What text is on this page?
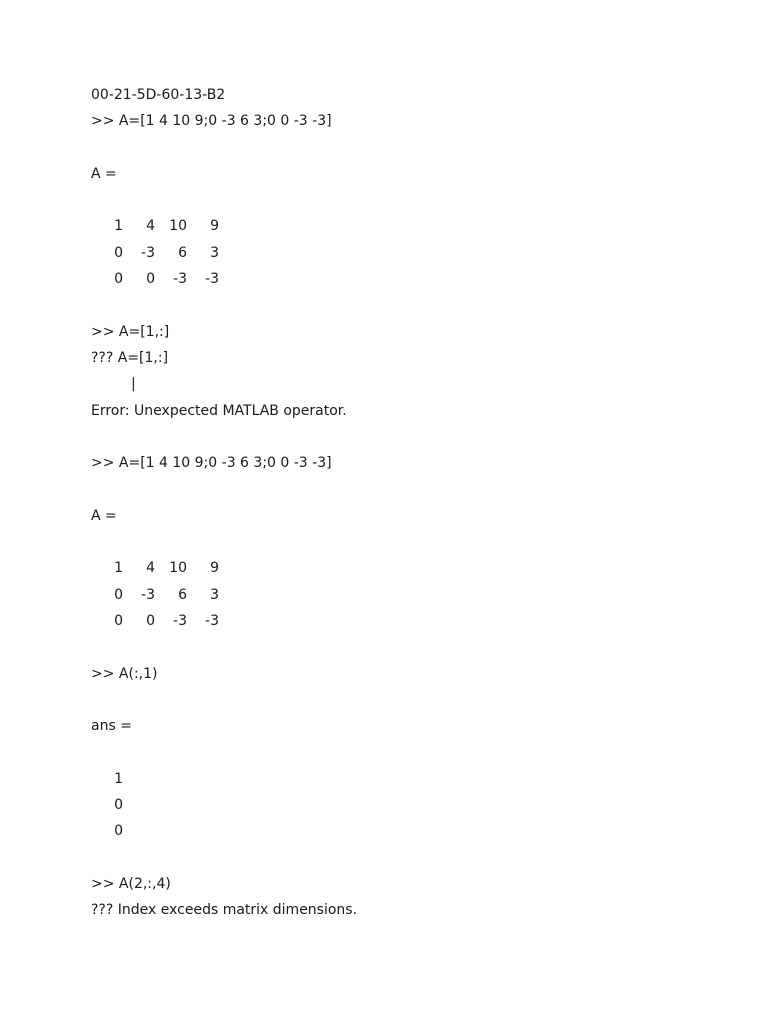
00-21-5D-60-13-B2
>> A=[1 4 10 9;0 -3 6 3;0 0 -3 -3]
A =
1	4	10	9
0	-3	6	3
0	0	-3	-3
>> A=[1,:]
??? A=[1,:]
|
Error: Unexpected MATLAB operator.
>> A=[1 4 10 9;0 -3 6 3;0 0 -3 -3]
A =
1	4	10	9
0	-3	6	3
0	0	-3	-3
>> A(:,1)
ans =
1
0
0
>> A(2,:,4)
??? Index exceeds matrix dimensions.
